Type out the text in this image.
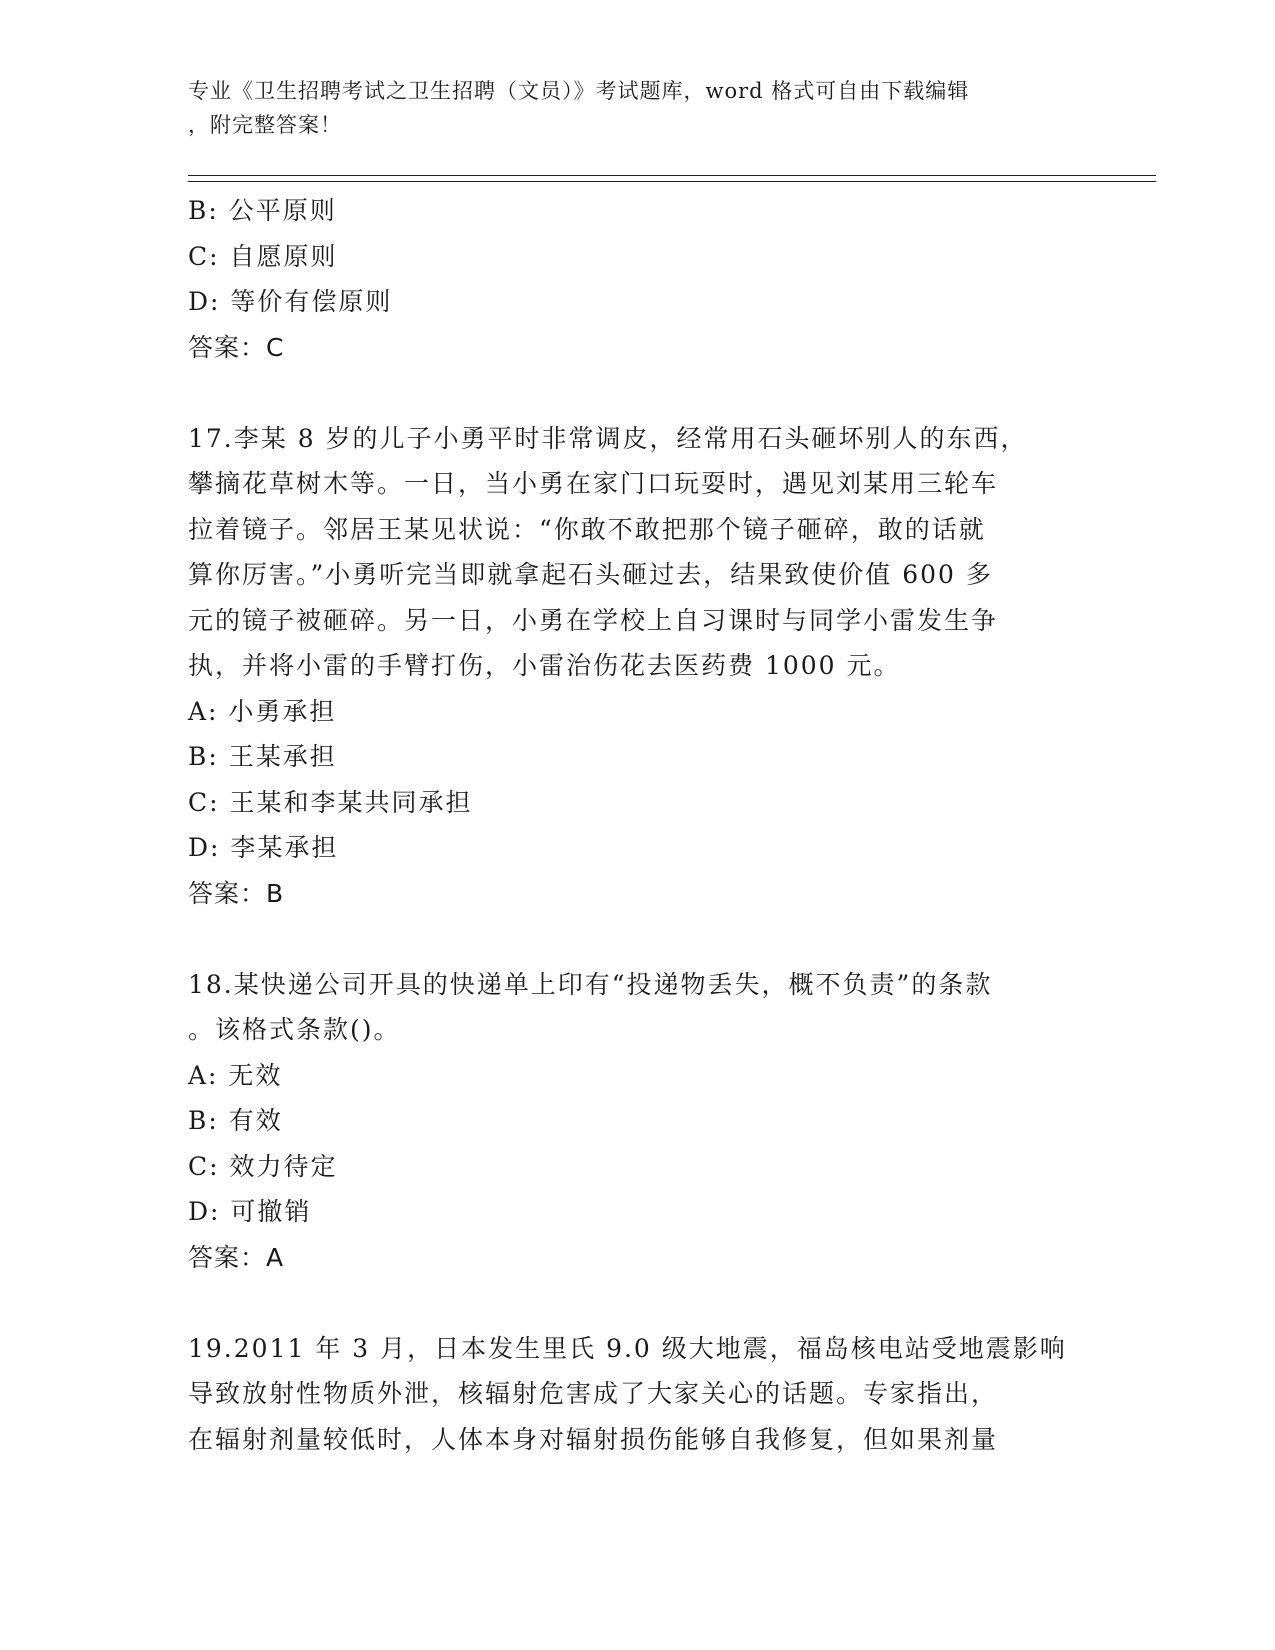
专业《卫生招聘考试之卫生招聘（文员）》考试题库，word 格式可自由下载编辑
，附完整答案！
B: 公平原则
C: 自愿原则
D: 等价有偿原则
答案：C
17.李某 8 岁的儿子小勇平时非常调皮，经常用石头砸坏别人的东西，
攀摘花草树木等。一日，当小勇在家门口玩耍时，遇见刘某用三轮车
拉着镜子。邻居王某见状说：“你敢不敢把那个镜子砸碎，敢的话就
算你厉害。”小勇听完当即就拿起石头砸过去，结果致使价值 600 多
元的镜子被砸碎。另一日，小勇在学校上自习课时与同学小雷发生争
执，并将小雷的手臂打伤，小雷治伤花去医药费 1000 元。
A: 小勇承担
B: 王某承担
C: 王某和李某共同承担
D: 李某承担
答案：B
18.某快递公司开具的快递单上印有“投递物丢失，概不负责”的条款
。该格式条款()。
A: 无效
B: 有效
C: 效力待定
D: 可撤销
答案：A
19.2011 年 3 月，日本发生里氏 9.0 级大地震，福岛核电站受地震影响
导致放射性物质外泄，核辐射危害成了大家关心的话题。专家指出，
在辐射剂量较低时，人体本身对辐射损伤能够自我修复，但如果剂量
